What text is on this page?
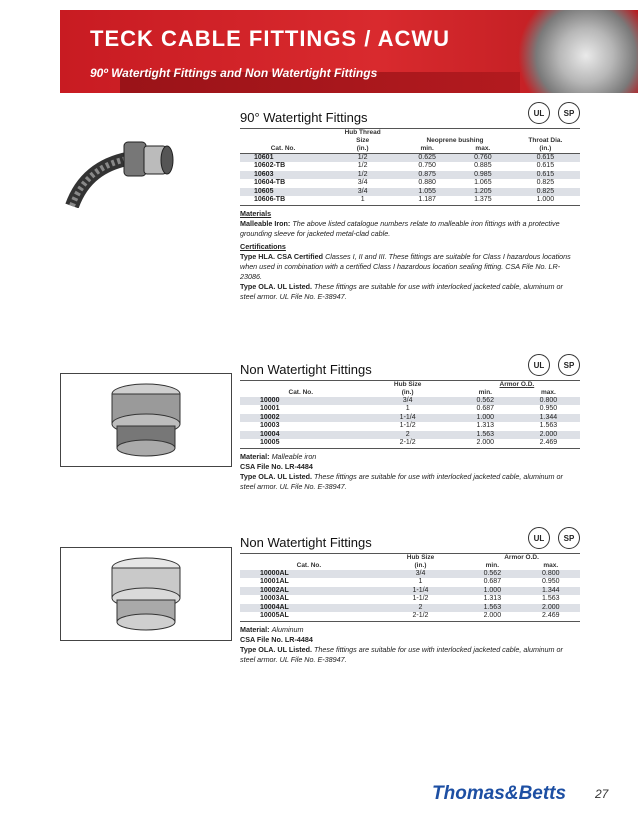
TECK CABLE FITTINGS / ACWU

90º Watertight Fittings and Non Watertight Fittings

90° Watertight Fittings	UL	SP
	Hub Thread			
	Size	Neoprene bushing		Throat Dia.
Cat. No.	(in.)	min.	max.	(in.)
10601	1/2	0.625	0.760	0.615
10602-TB	1/2	0.750	0.885	0.615
10603	1/2	0.875	0.985	0.615
10604-TB	3/4	0.880	1.065	0.825
10605	3/4	1.055	1.205	0.825
10606-TB	1	1.187	1.375	1.000

Materials

Malleable Iron: The above listed catalogue numbers relate to malleable iron fittings with a protective grounding sleeve for jacketed metal-clad cable.

Certifications

Type HLA. CSA Certified Classes I, II and III. These fittings are suitable for Class I hazardous locations when used in combination with a certified Class I hazardous location sealing fitting. CSA File No. LR-23086.

Type OLA. UL Listed. These fittings are suitable for use with interlocked jacketed cable, aluminum or steel armor. UL File No. E-38947.

Non Watertight Fittings	UL	SP
	Hub Size	Armor O.D.	
Cat. No.	(in.)	min.	max.
10000	3/4	0.562	0.800
10001	1	0.687	0.950
10002	1-1/4	1.000	1.344
10003	1-1/2	1.313	1.563
10004	2	1.563	2.000
10005	2-1/2	2.000	2.469

Material: Malleable iron

CSA File No. LR-4484

Type OLA. UL Listed. These fittings are suitable for use with interlocked jacketed cable, aluminum or steel armor. UL File No. E-38947.

Non Watertight Fittings	UL	SP
	Hub Size	Armor O.D.	
Cat. No.	(in.)	min.	max.
10000AL	3/4	0.562	0.800
10001AL	1	0.687	0.950
10002AL	1-1/4	1.000	1.344
10003AL	1-1/2	1.313	1.563
10004AL	2	1.563	2.000
10005AL	2-1/2	2.000	2.469

Material: Aluminum

CSA File No. LR-4484

Type OLA. UL Listed. These fittings are suitable for use with interlocked jacketed cable, aluminum or steel armor. UL File No. E-38947.

Thomas&Betts 27
